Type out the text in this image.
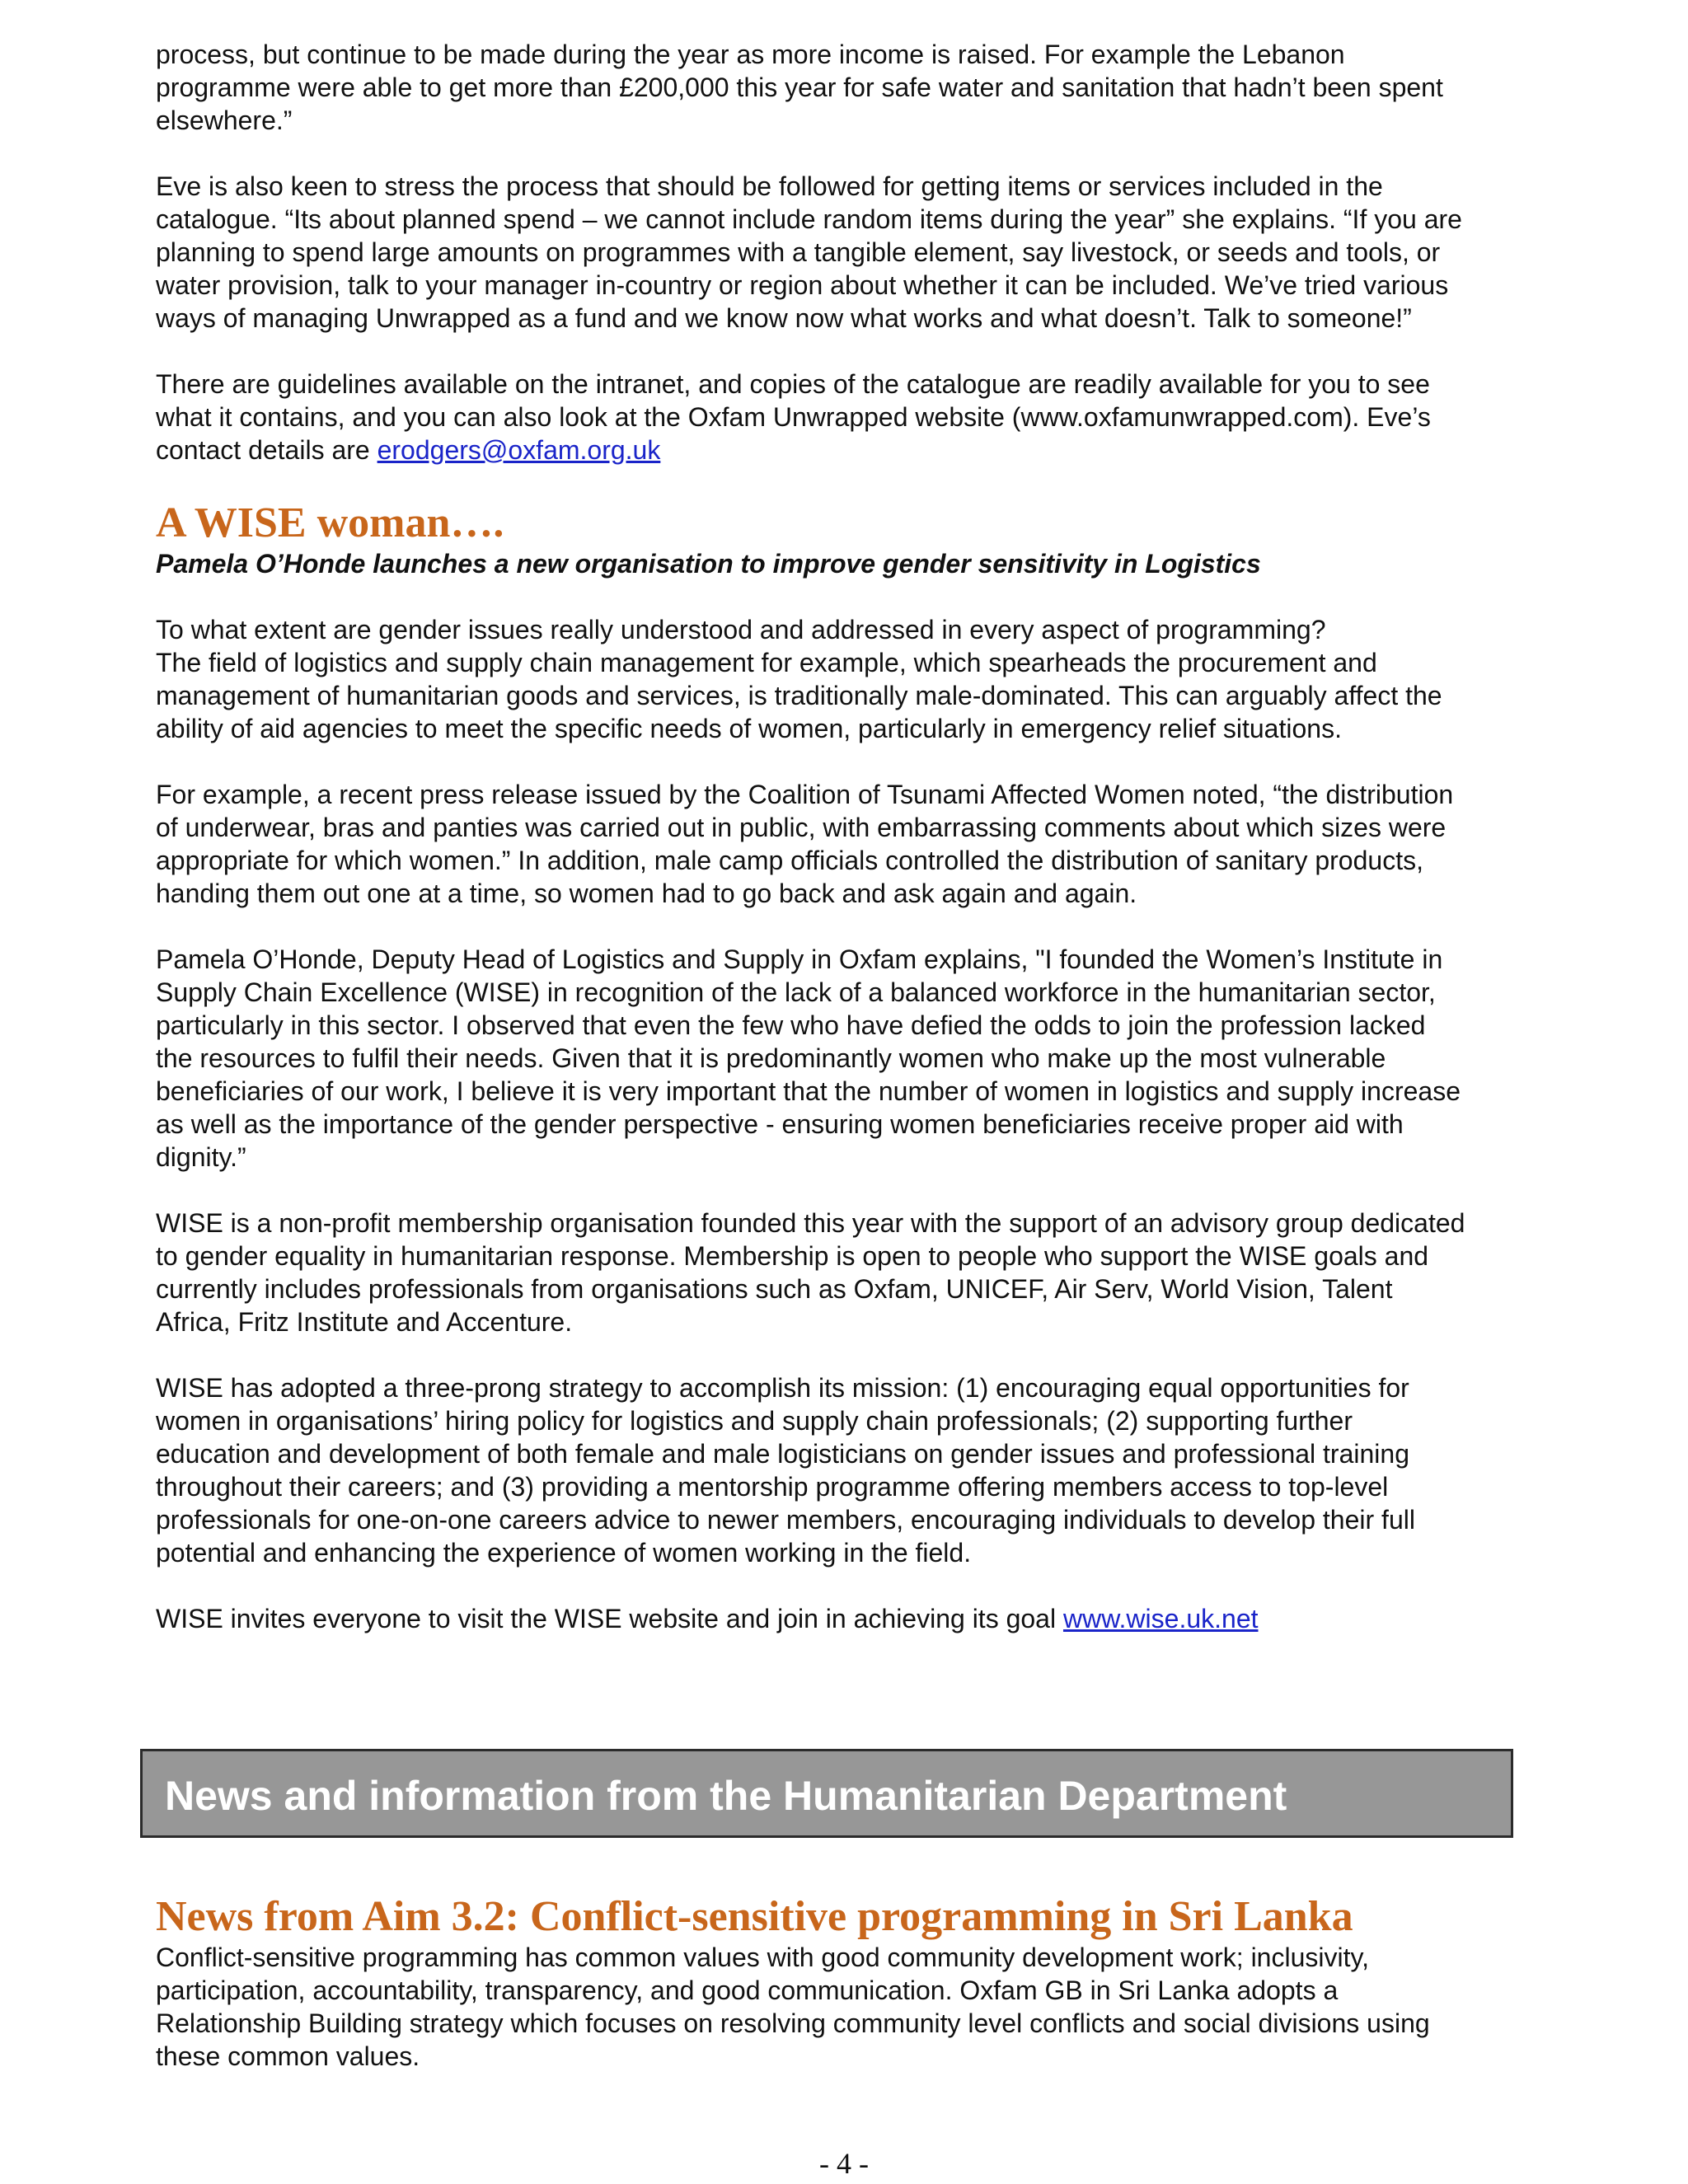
process, but continue to be made during the year as more income is raised. For example the Lebanon
programme were able to get more than £200,000 this year for safe water and sanitation that hadn’t been spent
elsewhere.”

Eve is also keen to stress the process that should be followed for getting items or services included in the
catalogue. “Its about planned spend – we cannot include random items during the year” she explains. “If you are
planning to spend large amounts on programmes with a tangible element, say livestock, or seeds and tools, or
water provision, talk to your manager in-country or region about whether it can be included. We’ve tried various
ways of managing Unwrapped as a fund and we know now what works and what doesn’t. Talk to someone!”

There are guidelines available on the intranet, and copies of the catalogue are readily available for you to see
what it contains, and you can also look at the Oxfam Unwrapped website (www.oxfamunwrapped.com). Eve’s
contact details are erodgers@oxfam.org.uk

A WISE woman….

Pamela O’Honde launches a new organisation to improve gender sensitivity in Logistics

To what extent are gender issues really understood and addressed in every aspect of programming?
The field of logistics and supply chain management for example, which spearheads the procurement and
management of humanitarian goods and services, is traditionally male-dominated. This can arguably affect the
ability of aid agencies to meet the specific needs of women, particularly in emergency relief situations.

For example, a recent press release issued by the Coalition of Tsunami Affected Women noted, “the distribution
of underwear, bras and panties was carried out in public, with embarrassing comments about which sizes were
appropriate for which women.” In addition, male camp officials controlled the distribution of sanitary products,
handing them out one at a time, so women had to go back and ask again and again.

Pamela O’Honde, Deputy Head of Logistics and Supply in Oxfam explains, "I founded the Women’s Institute in
Supply Chain Excellence (WISE) in recognition of the lack of a balanced workforce in the humanitarian sector,
particularly in this sector. I observed that even the few who have defied the odds to join the profession lacked
the resources to fulfil their needs. Given that it is predominantly women who make up the most vulnerable
beneficiaries of our work, I believe it is very important that the number of women in logistics and supply increase
as well as the importance of the gender perspective - ensuring women beneficiaries receive proper aid with
dignity.”

WISE is a non-profit membership organisation founded this year with the support of an advisory group dedicated
to gender equality in humanitarian response. Membership is open to people who support the WISE goals and
currently includes professionals from organisations such as Oxfam, UNICEF, Air Serv, World Vision, Talent
Africa, Fritz Institute and Accenture.

WISE has adopted a three-prong strategy to accomplish its mission: (1) encouraging equal opportunities for
women in organisations’ hiring policy for logistics and supply chain professionals; (2) supporting further
education and development of both female and male logisticians on gender issues and professional training
throughout their careers; and (3) providing a mentorship programme offering members access to top-level
professionals for one-on-one careers advice to newer members, encouraging individuals to develop their full
potential and enhancing the experience of women working in the field.

WISE invites everyone to visit the WISE website and join in achieving its goal www.wise.uk.net

News and information from the Humanitarian Department
News from Aim 3.2: Conflict-sensitive programming in Sri Lanka

Conflict-sensitive programming has common values with good community development work; inclusivity,
participation, accountability, transparency, and good communication. Oxfam GB in Sri Lanka adopts a
Relationship Building strategy which focuses on resolving community level conflicts and social divisions using
these common values.

- 4 -
